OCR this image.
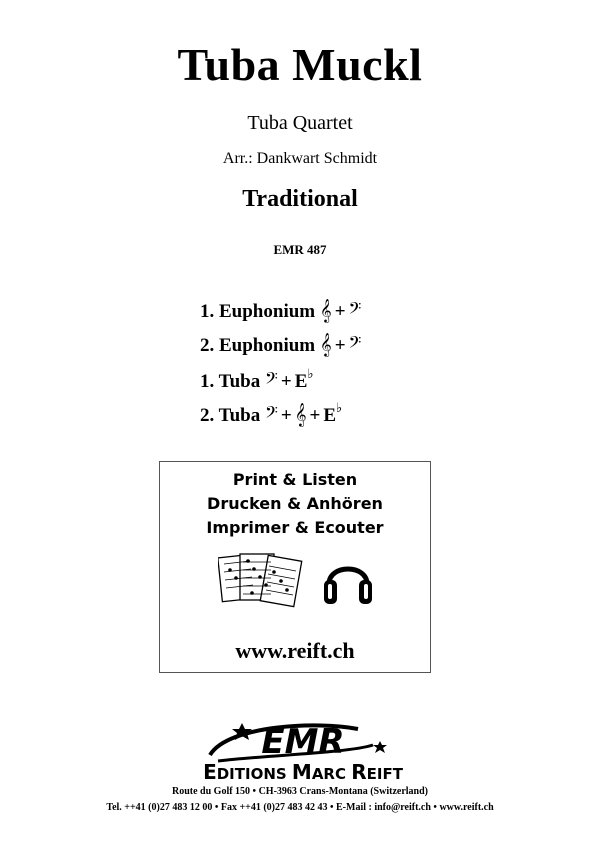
Tuba Muckl
Tuba Quartet
Arr.: Dankwart Schmidt
Traditional
EMR 487
1. Euphonium 𝄞 + 𝄢
2. Euphonium 𝄞 + 𝄢
1. Tuba 𝄢 + E♭
2. Tuba 𝄢 + 𝄞 + E♭
Print & Listen
Drucken & Anhören
Imprimer & Ecouter
www.reift.ch
EMR
EDITIONS MARC REIFT
Route du Golf 150 • CH-3963 Crans-Montana (Switzerland)
Tel. ++41 (0)27 483 12 00 • Fax ++41 (0)27 483 42 43 • E-Mail : info@reift.ch • www.reift.ch
